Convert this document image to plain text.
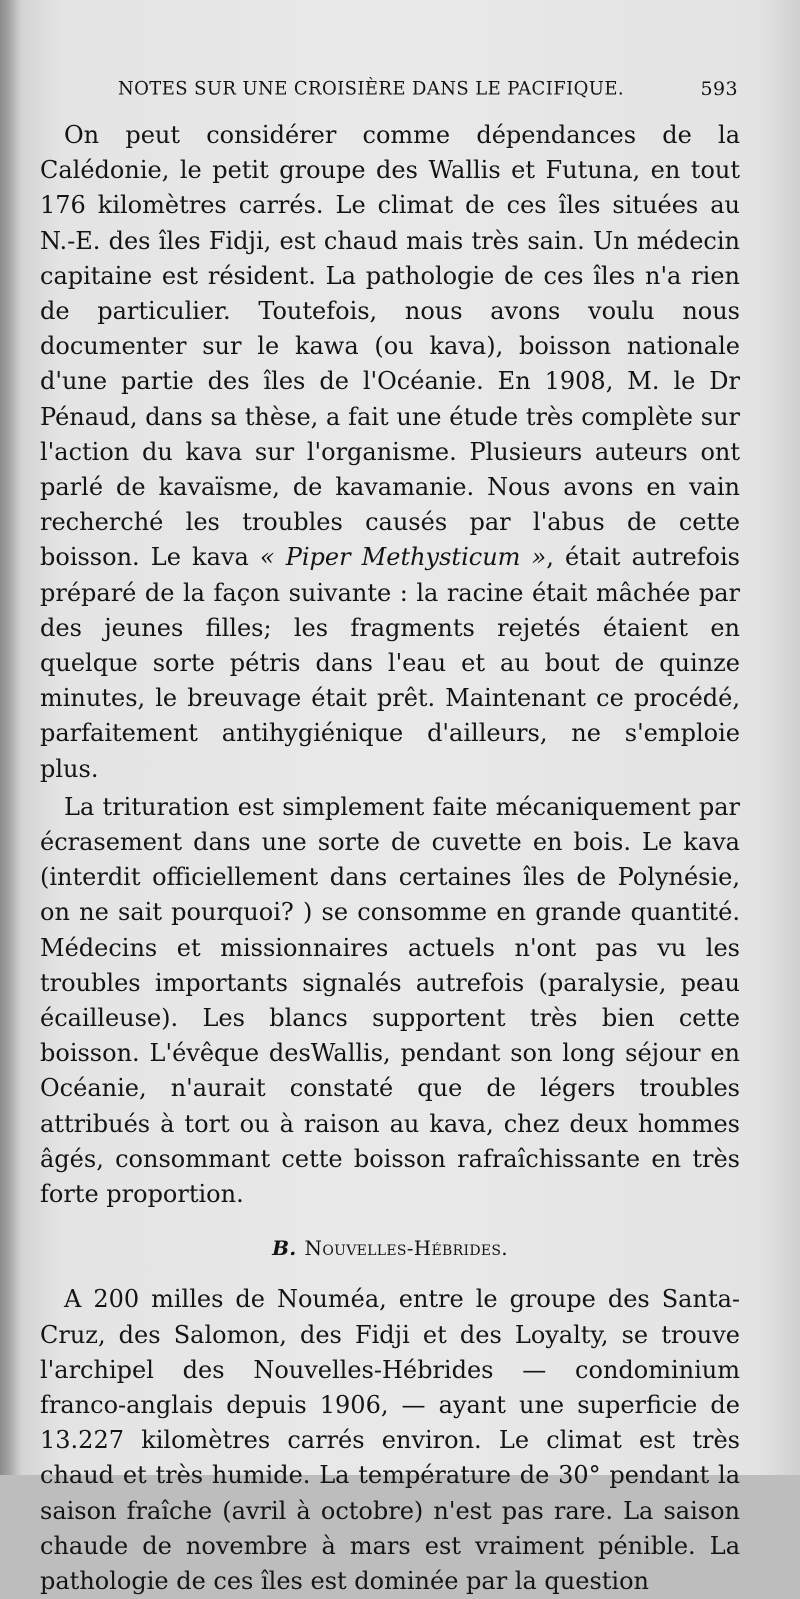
NOTES SUR UNE CROISIÈRE DANS LE PACIFIQUE.	593

On peut considérer comme dépendances de la Calédonie, le petit groupe des Wallis et Futuna, en tout 176 kilomètres carrés. Le climat de ces îles situées au N.-E. des îles Fidji, est chaud mais très sain. Un médecin capitaine est résident. La pathologie de ces îles n'a rien de particulier. Toutefois, nous avons voulu nous documenter sur le kawa (ou kava), boisson nationale d'une partie des îles de l'Océanie. En 1908, M. le Dr Pénaud, dans sa thèse, a fait une étude très complète sur l'action du kava sur l'organisme. Plusieurs auteurs ont parlé de kavaïsme, de kavamanie. Nous avons en vain recherché les troubles causés par l'abus de cette boisson. Le kava « Piper Methysticum », était autrefois préparé de la façon suivante : la racine était mâchée par des jeunes filles; les fragments rejetés étaient en quelque sorte pétris dans l'eau et au bout de quinze minutes, le breuvage était prêt. Maintenant ce procédé, parfaitement antihygiénique d'ailleurs, ne s'emploie plus.

La trituration est simplement faite mécaniquement par écrasement dans une sorte de cuvette en bois. Le kava (interdit officiellement dans certaines îles de Polynésie, on ne sait pourquoi? ) se consomme en grande quantité. Médecins et missionnaires actuels n'ont pas vu les troubles importants signalés autrefois (paralysie, peau écailleuse). Les blancs supportent très bien cette boisson. L'évêque desWallis, pendant son long séjour en Océanie, n'aurait constaté que de légers troubles attribués à tort ou à raison au kava, chez deux hommes âgés, consommant cette boisson rafraîchissante en très forte proportion.

B. Nouvelles-Hébrides.

A 200 milles de Nouméa, entre le groupe des Santa-Cruz, des Salomon, des Fidji et des Loyalty, se trouve l'archipel des Nouvelles-Hébrides — condominium franco-anglais depuis 1906, — ayant une superficie de 13.227 kilomètres carrés environ. Le climat est très chaud et très humide. La température de 30° pendant la saison fraîche (avril à octobre) n'est pas rare. La saison chaude de novembre à mars est vraiment pénible. La pathologie de ces îles est dominée par la question
